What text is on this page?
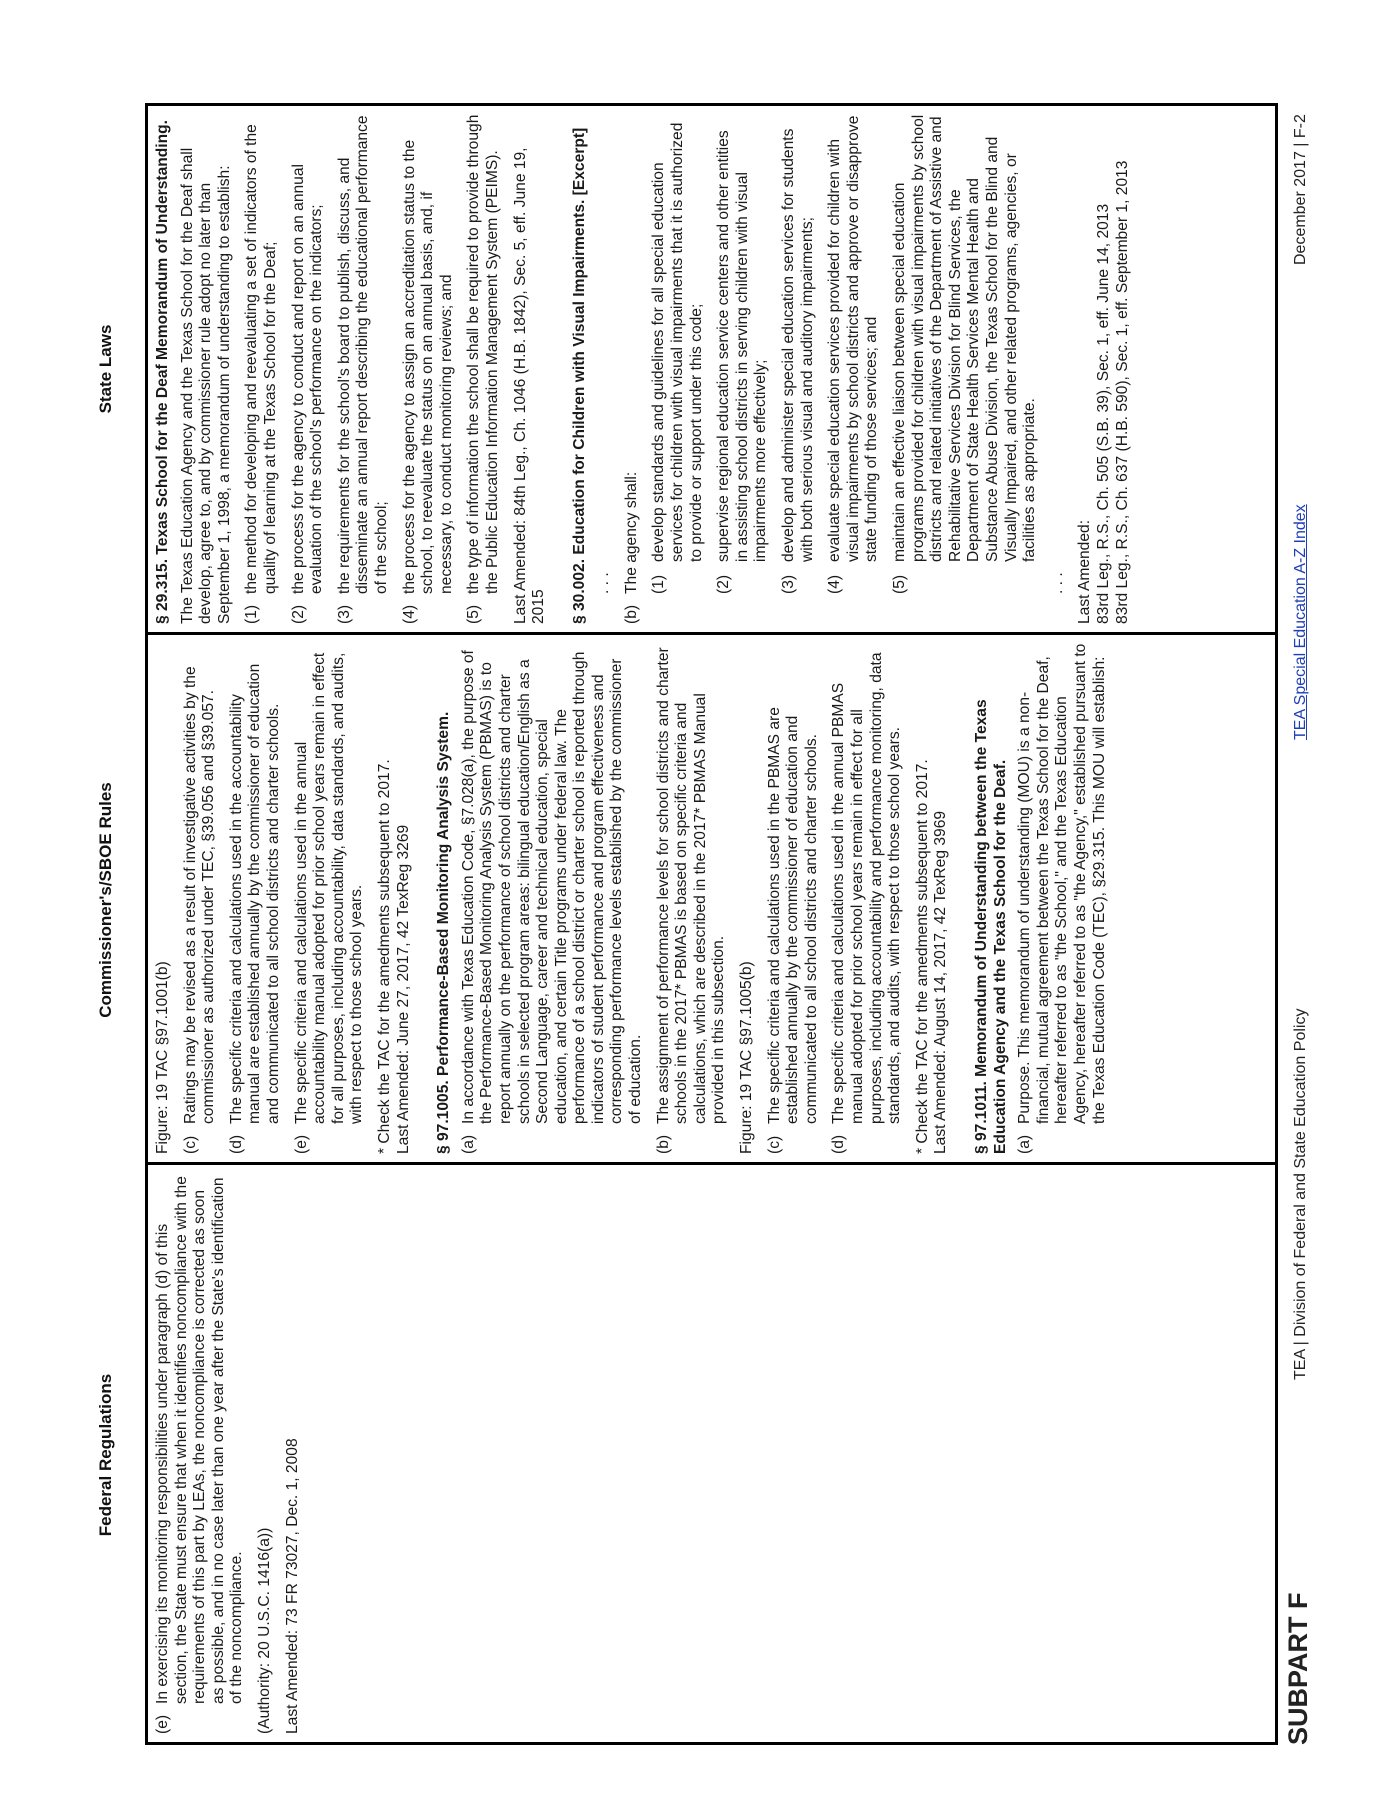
Federal Regulations
Commissioner's/SBOE Rules
State Laws
(e)
In exercising its monitoring responsibilities under paragraph (d) of this section, the State must ensure that when it identifies noncompliance with the requirements of this part by LEAs, the noncompliance is corrected as soon as possible, and in no case later than one year after the State's identification of the noncompliance. (Authority: 20 U.S.C. 1416(a)) Last Amended: 73 FR 73027, Dec. 1, 2008
Figure: 19 TAC §97.1001(b) (c)
Ratings may be revised as a result of investigative activities by the commissioner as authorized under TEC, §39.056 and §39.057.
(d)
The specific criteria and calculations used in the accountability manual are established annually by the commissioner of education and communicated to all school districts and charter schools.
(e)
The specific criteria and calculations used in the annual accountability manual adopted for prior school years remain in effect for all purposes, including accountability, data standards, and audits, with respect to those school years. * Check the TAC for the amedments subsequent to 2017. Last Amended: June 27, 2017, 42 TexReg 3269 § 97.1005. Performance-Based Monitoring Analysis System. (a)
In accordance with Texas Education Code, §7.028(a), the purpose of the Performance-Based Monitoring Analysis System (PBMAS) is to report annually on the performance of school districts and charter schools in selected program areas: bilingual education/English as a Second Language, career and technical education, special education, and certain Title programs under federal law. The performance of a school district or charter school is reported through indicators of student performance and program effectiveness and corresponding performance levels established by the commissioner of education.
(b)
The assignment of performance levels for school districts and charter schools in the 2017* PBMAS is based on specific criteria and calculations, which are described in the 2017* PBMAS Manual provided in this subsection. Figure: 19 TAC §97.1005(b) (c)
The specific criteria and calculations used in the PBMAS are established annually by the commissioner of education and communicated to all school districts and charter schools.
(d)
The specific criteria and calculations used in the annual PBMAS manual adopted for prior school years remain in effect for all purposes, including accountability and performance monitoring, data standards, and audits, with respect to those school years. * Check the TAC for the amedments subsequent to 2017. Last Amended: August 14, 2017, 42 TexReg 3969 § 97.1011. Memorandum of Understanding between the Texas Education Agency and the Texas School for the Deaf. (a)
Purpose. This memorandum of understanding (MOU) is a non-financial, mutual agreement between the Texas School for the Deaf, hereafter referred to as "the School," and the Texas Education Agency, hereafter referred to as "the Agency," established pursuant to the Texas Education Code (TEC), §29.315. This MOU will establish:
§ 29.315. Texas School for the Deaf Memorandum of Understanding. The Texas Education Agency and the Texas School for the Deaf shall develop, agree to, and by commissioner rule adopt no later than September 1, 1998, a memorandum of understanding to establish: (1)
the method for developing and reevaluating a set of indicators of the quality of learning at the Texas School for the Deaf;
(2)
the process for the agency to conduct and report on an annual evaluation of the school's performance on the indicators;
(3)
the requirements for the school's board to publish, discuss, and disseminate an annual report describing the educational performance of the school;
(4)
the process for the agency to assign an accreditation status to the school, to reevaluate the status on an annual basis, and, if necessary, to conduct monitoring reviews; and
(5)
the type of information the school shall be required to provide through the Public Education Information Management System (PEIMS). Last Amended: 84th Leg., Ch. 1046 (H.B. 1842), Sec. 5, eff. June 19, 2015 § 30.002. Education for Children with Visual Impairments. [Excerpt] . . .
(b)
The agency shall: (1)
develop standards and guidelines for all special education services for children with visual impairments that it is authorized to provide or support under this code;
(2)
supervise regional education service centers and other entities in assisting school districts in serving children with visual impairments more effectively;
(3)
develop and administer special education services for students with both serious visual and auditory impairments;
(4)
evaluate special education services provided for children with visual impairments by school districts and approve or disapprove state funding of those services; and
(5)
maintain an effective liaison between special education programs provided for children with visual impairments by school districts and related initiatives of the Department of Assistive and Rehabilitative Services Division for Blind Services, the Department of State Health Services Mental Health and Substance Abuse Division, the Texas School for the Blind and Visually Impaired, and other related programs, agencies, or facilities as appropriate.
. . . Last Amended: 83rd Leg., R.S., Ch. 505 (S.B. 39), Sec. 1, eff. June 14, 2013 83rd Leg., R.S., Ch. 637 (H.B. 590), Sec. 1, eff. September 1, 2013
SUBPART F
TEA | Division of Federal and State Education Policy
TEA Special Education A-Z Index
December 2017 | F-2
